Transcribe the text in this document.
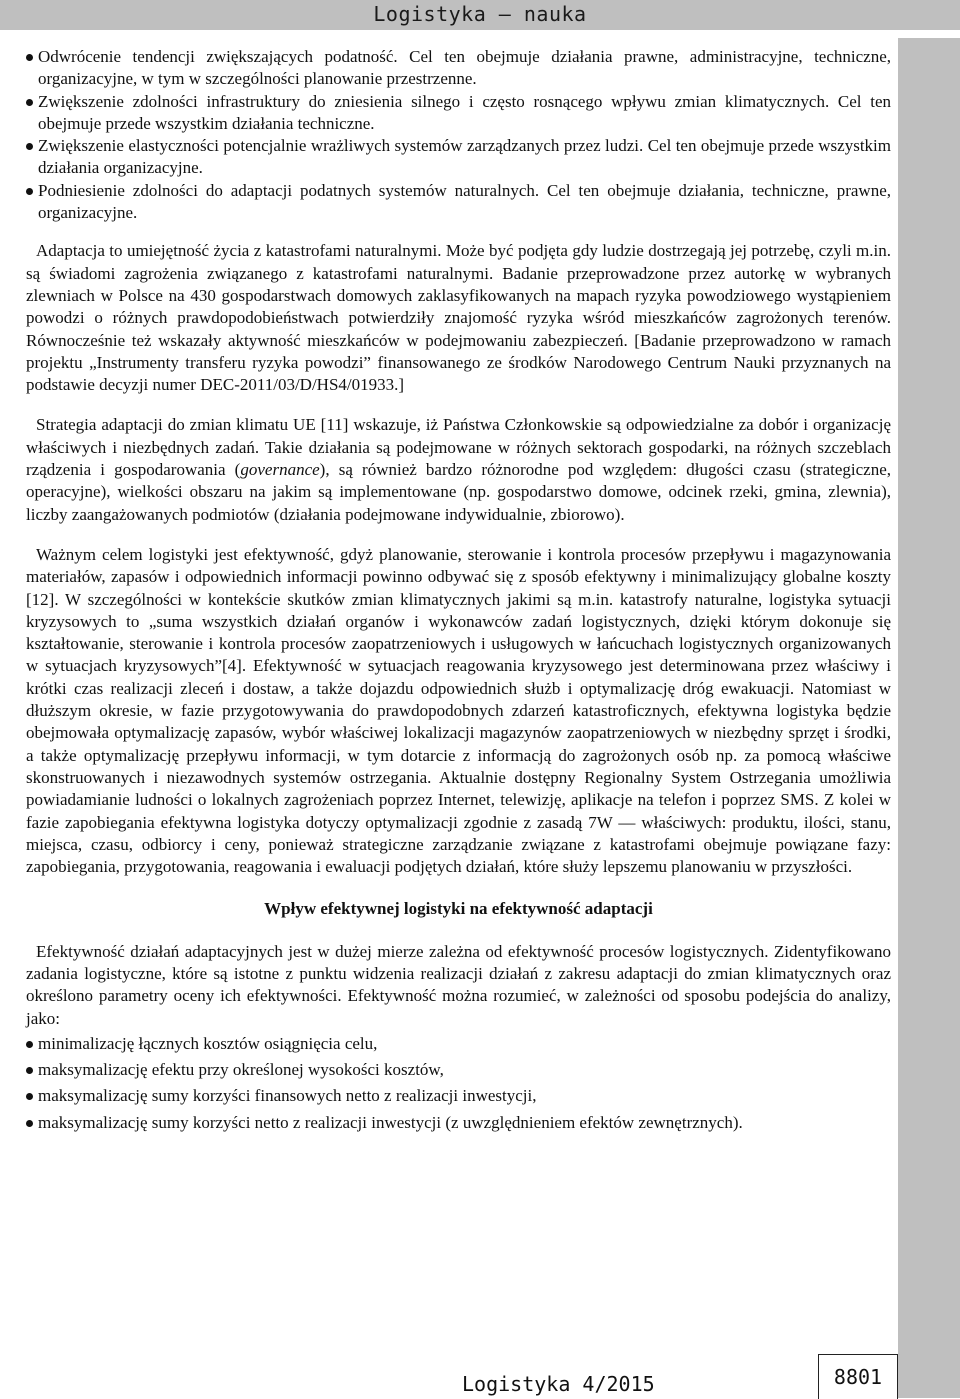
Logistyka – nauka
Odwrócenie tendencji zwiększających podatność. Cel ten obejmuje działania prawne, administracyjne, techniczne, organizacyjne, w tym w szczególności planowanie przestrzenne.
Zwiększenie zdolności infrastruktury do zniesienia silnego i często rosnącego wpływu zmian klimatycznych. Cel ten obejmuje przede wszystkim działania techniczne.
Zwiększenie elastyczności potencjalnie wrażliwych systemów zarządzanych przez ludzi. Cel ten obejmuje przede wszystkim działania organizacyjne.
Podniesienie zdolności do adaptacji podatnych systemów naturalnych. Cel ten obejmuje działania, techniczne, prawne, organizacyjne.

Adaptacja to umiejętność życia z katastrofami naturalnymi. Może być podjęta gdy ludzie dostrzegają jej potrzebę, czyli m.in. są świadomi zagrożenia związanego z katastrofami naturalnymi. Badanie przeprowadzone przez autorkę w wybranych zlewniach w Polsce na 430 gospodarstwach domowych zaklasyfikowanych na mapach ryzyka powodziowego wystąpieniem powodzi o różnych prawdopodobieństwach potwierdziły znajomość ryzyka wśród mieszkańców zagrożonych terenów. Równocześnie też wskazały aktywność mieszkańców w podejmowaniu zabezpieczeń. [Badanie przeprowadzono w ramach projektu „Instrumenty transferu ryzyka powodzi” finansowanego ze środków Narodowego Centrum Nauki przyznanych na podstawie decyzji numer DEC-2011/03/D/HS4/01933.]

Strategia adaptacji do zmian klimatu UE [11] wskazuje, iż Państwa Członkowskie są odpowiedzialne za dobór i organizację właściwych i niezbędnych zadań. Takie działania są podejmowane w różnych sektorach gospodarki, na różnych szczeblach rządzenia i gospodarowania (governance), są również bardzo różnorodne pod względem: długości czasu (strategiczne, operacyjne), wielkości obszaru na jakim są implementowane (np. gospodarstwo domowe, odcinek rzeki, gmina, zlewnia), liczby zaangażowanych podmiotów (działania podejmowane indywidualnie, zbiorowo).

Ważnym celem logistyki jest efektywność, gdyż planowanie, sterowanie i kontrola procesów przepływu i magazynowania materiałów, zapasów i odpowiednich informacji powinno odbywać się z sposób efektywny i minimalizujący globalne koszty [12]. W szczególności w kontekście skutków zmian klimatycznych jakimi są m.in. katastrofy naturalne, logistyka sytuacji kryzysowych to „suma wszystkich działań organów i wykonawców zadań logistycznych, dzięki którym dokonuje się kształtowanie, sterowanie i kontrola procesów zaopatrzeniowych i usługowych w łańcuchach logistycznych organizowanych w sytuacjach kryzysowych”[4]. Efektywność w sytuacjach reagowania kryzysowego jest determinowana przez właściwy i krótki czas realizacji zleceń i dostaw, a także dojazdu odpowiednich służb i optymalizację dróg ewakuacji. Natomiast w dłuższym okresie, w fazie przygotowywania do prawdopodobnych zdarzeń katastroficznych, efektywna logistyka będzie obejmowała optymalizację zapasów, wybór właściwej lokalizacji magazynów zaopatrzeniowych w niezbędny sprzęt i środki, a także optymalizację przepływu informacji, w tym dotarcie z informacją do zagrożonych osób np. za pomocą właściwe skonstruowanych i niezawodnych systemów ostrzegania. Aktualnie dostępny Regionalny System Ostrzegania umożliwia powiadamianie ludności o lokalnych zagrożeniach poprzez Internet, telewizję, aplikacje na telefon i poprzez SMS. Z kolei w fazie zapobiegania efektywna logistyka dotyczy optymalizacji zgodnie z zasadą 7W — właściwych: produktu, ilości, stanu, miejsca, czasu, odbiorcy i ceny, ponieważ strategiczne zarządzanie związane z katastrofami obejmuje powiązane fazy: zapobiegania, przygotowania, reagowania i ewaluacji podjętych działań, które służy lepszemu planowaniu w przyszłości.

Wpływ efektywnej logistyki na efektywność adaptacji

Efektywność działań adaptacyjnych jest w dużej mierze zależna od efektywność procesów logistycznych. Zidentyfikowano zadania logistyczne, które są istotne z punktu widzenia realizacji działań z zakresu adaptacji do zmian klimatycznych oraz określono parametry oceny ich efektywności. Efektywność można rozumieć, w zależności od sposobu podejścia do analizy, jako:

minimalizację łącznych kosztów osiągnięcia celu,
maksymalizację efektu przy określonej wysokości kosztów,
maksymalizację sumy korzyści finansowych netto z realizacji inwestycji,
maksymalizację sumy korzyści netto z realizacji inwestycji (z uwzględnieniem efektów zewnętrznych).
Logistyka 4/2015	8801
